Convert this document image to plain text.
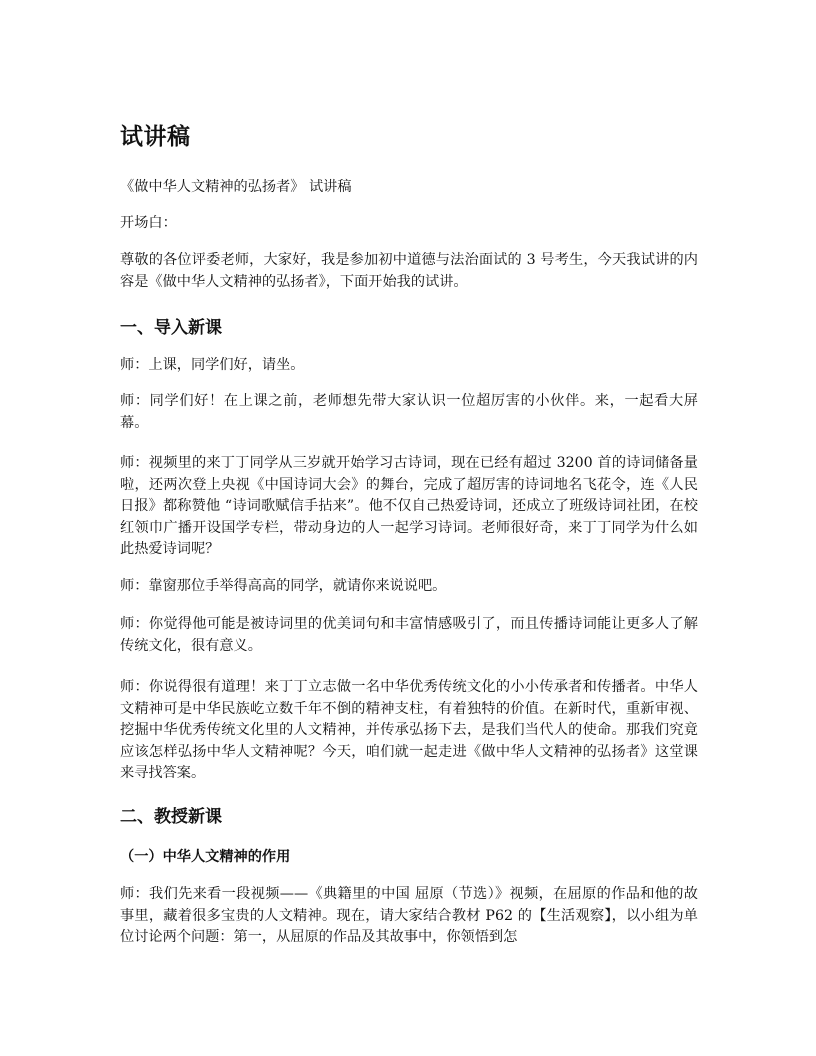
试讲稿

《做中华人文精神的弘扬者》 试讲稿

开场白：

尊敬的各位评委老师，大家好，我是参加初中道德与法治面试的 3 号考生，今天我试讲的内容是《做中华人文精神的弘扬者》，下面开始我的试讲。

一、导入新课

师：上课，同学们好，请坐。

师：同学们好！在上课之前，老师想先带大家认识一位超厉害的小伙伴。来，一起看大屏幕。

师：视频里的来丁丁同学从三岁就开始学习古诗词，现在已经有超过 3200 首的诗词储备量啦，还两次登上央视《中国诗词大会》的舞台，完成了超厉害的诗词地名飞花令，连《人民日报》都称赞他 “诗词歌赋信手拈来”。他不仅自己热爱诗词，还成立了班级诗词社团，在校红领巾广播开设国学专栏，带动身边的人一起学习诗词。老师很好奇，来丁丁同学为什么如此热爱诗词呢？

师：靠窗那位手举得高高的同学，就请你来说说吧。

师：你觉得他可能是被诗词里的优美词句和丰富情感吸引了，而且传播诗词能让更多人了解传统文化，很有意义。

师：你说得很有道理！来丁丁立志做一名中华优秀传统文化的小小传承者和传播者。中华人文精神可是中华民族屹立数千年不倒的精神支柱，有着独特的价值。在新时代，重新审视、挖掘中华优秀传统文化里的人文精神，并传承弘扬下去，是我们当代人的使命。那我们究竟应该怎样弘扬中华人文精神呢？今天，咱们就一起走进《做中华人文精神的弘扬者》这堂课来寻找答案。

二、教授新课
（一）中华人文精神的作用

师：我们先来看一段视频——《典籍里的中国 屈原（节选）》视频，在屈原的作品和他的故事里，藏着很多宝贵的人文精神。现在，请大家结合教材 P62 的【生活观察】，以小组为单位讨论两个问题：第一，从屈原的作品及其故事中，你领悟到怎
